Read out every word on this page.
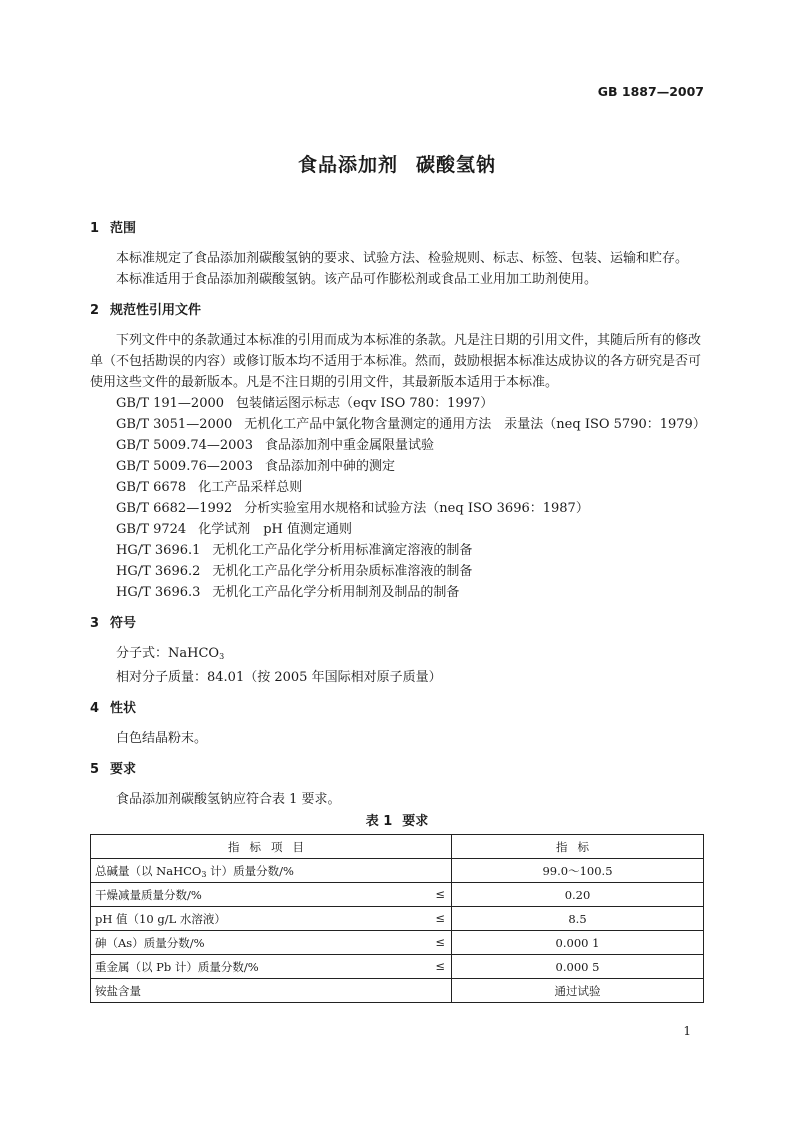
GB 1887—2007
食品添加剂 碳酸氢钠
1 范围

本标准规定了食品添加剂碳酸氢钠的要求、试验方法、检验规则、标志、标签、包装、运输和贮存。

本标准适用于食品添加剂碳酸氢钠。该产品可作膨松剂或食品工业用加工助剂使用。

2 规范性引用文件

下列文件中的条款通过本标准的引用而成为本标准的条款。凡是注日期的引用文件，其随后所有的修改单（不包括勘误的内容）或修订版本均不适用于本标准。然而，鼓励根据本标准达成协议的各方研究是否可使用这些文件的最新版本。凡是不注日期的引用文件，其最新版本适用于本标准。

GB/T 191—2000 包装储运图示标志（eqv ISO 780：1997）
GB/T 3051—2000 无机化工产品中氯化物含量测定的通用方法　汞量法（neq ISO 5790：1979）
GB/T 5009.74—2003 食品添加剂中重金属限量试验
GB/T 5009.76—2003 食品添加剂中砷的测定
GB/T 6678 化工产品采样总则
GB/T 6682—1992 分析实验室用水规格和试验方法（neq ISO 3696：1987）
GB/T 9724 化学试剂　pH 值测定通则
HG/T 3696.1 无机化工产品化学分析用标准滴定溶液的制备
HG/T 3696.2 无机化工产品化学分析用杂质标准溶液的制备
HG/T 3696.3 无机化工产品化学分析用制剂及制品的制备
3 符号
分子式：NaHCO$_3$
相对分子质量：84.01（按 2005 年国际相对原子质量）
4 性状

白色结晶粉末。

5 要求

食品添加剂碳酸氢钠应符合表 1 要求。

表 1 要求
指标项目	指标
总碱量（以 NaHCO$_3$ 计）质量分数/%	99.0～100.5
干燥减量质量分数/% ≤	0.20
pH 值（10 g/L 水溶液） ≤	8.5
砷（As）质量分数/% ≤	0.000 1
重金属（以 Pb 计）质量分数/% ≤	0.000 5
铵盐含量	通过试验
1
